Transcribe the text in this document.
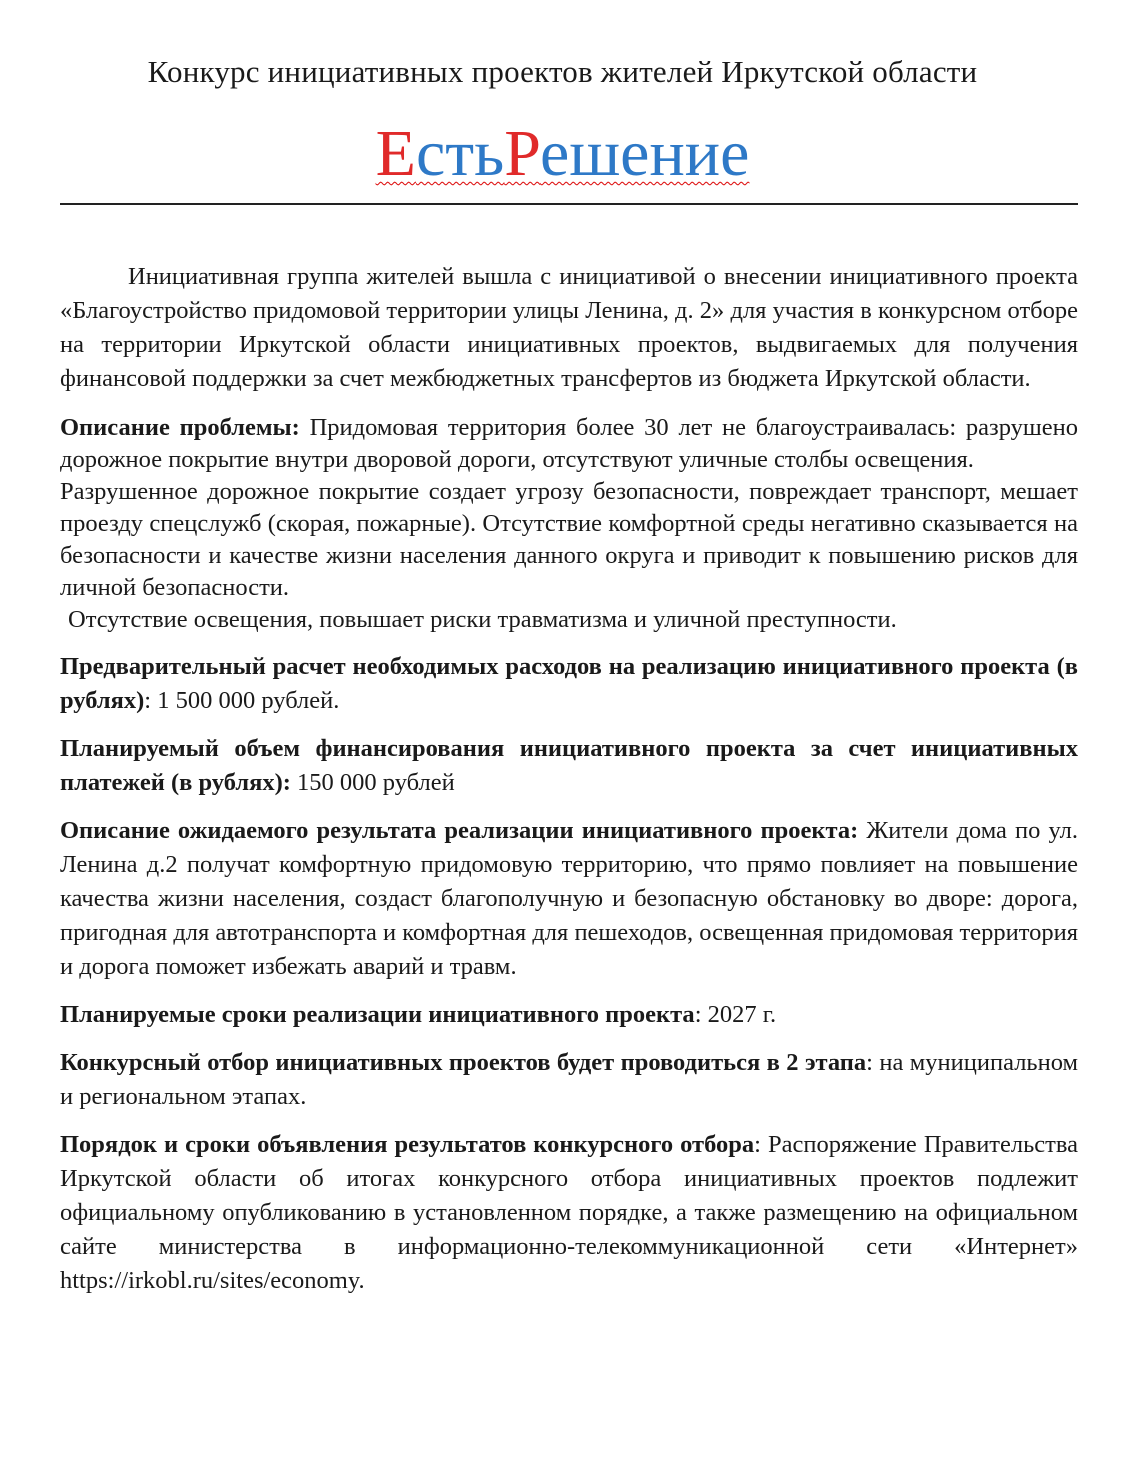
Конкурс инициативных проектов жителей Иркутской области
ЕстьРешение

Инициативная группа жителей вышла с инициативой о внесении инициативного проекта «Благоустройство придомовой территории улицы Ленина, д. 2» для участия в конкурсном отборе на территории Иркутской области инициативных проектов, выдвигаемых для получения финансовой поддержки за счет межбюджетных трансфертов из бюджета Иркутской области.

Описание проблемы: Придомовая территория более 30 лет не благоустраивалась: разрушено дорожное покрытие внутри дворовой дороги, отсутствуют уличные столбы освещения.

Разрушенное дорожное покрытие создает угрозу безопасности, повреждает транспорт, мешает проезду спецслужб (скорая, пожарные). Отсутствие комфортной среды негативно сказывается на безопасности и качестве жизни населения данного округа и приводит к повышению рисков для личной безопасности.

Отсутствие освещения, повышает риски травматизма и уличной преступности.

Предварительный расчет необходимых расходов на реализацию инициативного проекта (в рублях): 1 500 000 рублей.

Планируемый объем финансирования инициативного проекта за счет инициативных платежей (в рублях): 150 000 рублей

Описание ожидаемого результата реализации инициативного проекта: Жители дома по ул. Ленина д.2 получат комфортную придомовую территорию, что прямо повлияет на повышение качества жизни населения, создаст благополучную и безопасную обстановку во дворе: дорога, пригодная для автотранспорта и комфортная для пешеходов, освещенная придомовая территория и дорога поможет избежать аварий и травм.

Планируемые сроки реализации инициативного проекта: 2027 г.

Конкурсный отбор инициативных проектов будет проводиться в 2 этапа: на муниципальном и региональном этапах.

Порядок и сроки объявления результатов конкурсного отбора: Распоряжение Правительства Иркутской области об итогах конкурсного отбора инициативных проектов подлежит официальному опубликованию в установленном порядке, а также размещению на официальном сайте министерства в информационно-телекоммуникационной сети «Интернет» https://irkobl.ru/sites/economy.
